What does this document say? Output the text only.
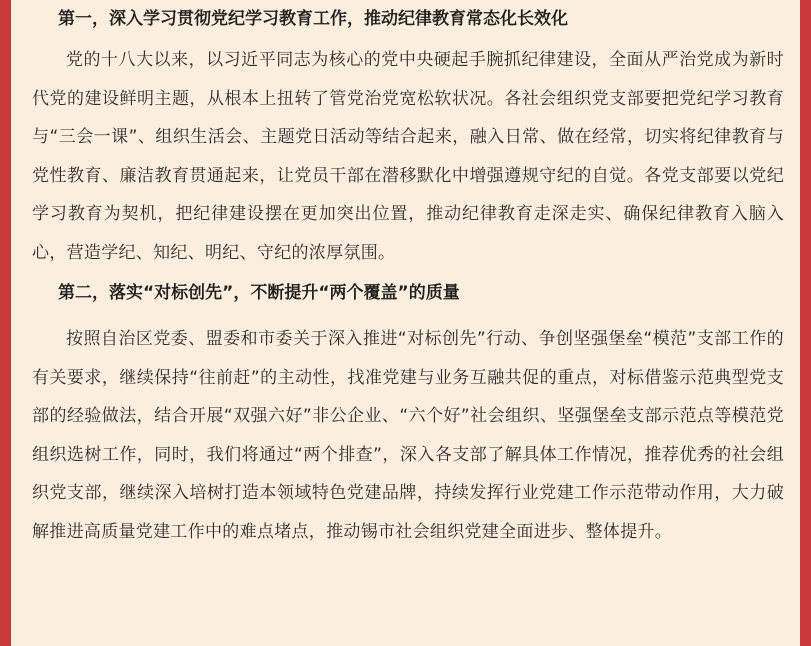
第一，深入学习贯彻党纪学习教育工作，推动纪律教育常态化长效化

党的十八大以来，以习近平同志为核心的党中央硬起手腕抓纪律建设，全面从严治党成为新时代党的建设鲜明主题，从根本上扭转了管党治党宽松软状况。各社会组织党支部要把党纪学习教育与“三会一课”、组织生活会、主题党日活动等结合起来，融入日常、做在经常，切实将纪律教育与党性教育、廉洁教育贯通起来，让党员干部在潜移默化中增强遵规守纪的自觉。各党支部要以党纪学习教育为契机，把纪律建设摆在更加突出位置，推动纪律教育走深走实、确保纪律教育入脑入心，营造学纪、知纪、明纪、守纪的浓厚氛围。

第二，落实“对标创先”，不断提升“两个覆盖”的质量

按照自治区党委、盟委和市委关于深入推进“对标创先”行动、争创坚强堡垒“模范”支部工作的有关要求，继续保持“往前赶”的主动性，找准党建与业务互融共促的重点，对标借鉴示范典型党支部的经验做法，结合开展“双强六好”非公企业、“六个好”社会组织、坚强堡垒支部示范点等模范党组织选树工作，同时，我们将通过“两个排查”，深入各支部了解具体工作情况，推荐优秀的社会组织党支部，继续深入培树打造本领域特色党建品牌，持续发挥行业党建工作示范带动作用，大力破解推进高质量党建工作中的难点堵点，推动锡市社会组织党建全面进步、整体提升。
